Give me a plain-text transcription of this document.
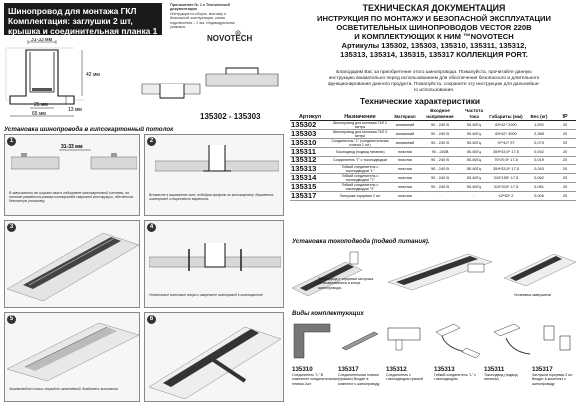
Шинопровод для монтажа ГКЛ
Комплектация: заглушки 2 шт,
крышка и соединительная планка 1 шт.
Приложение № 1 к Технической документации
Инструкция по сборке, монтажу и безопасной эксплуатации, схема подключения – 1 экз. Индивидуальная упаковка.
NOVOTECH
31-33 мм
42 мм
25 мм
13 мм
65 мм	135302 - 135303
Установка шинопровода в гипсокартонный потолок
1
31-33 мм
В зависимости от ширины паза в гибкормене гипсокартонной системы, на потолке разметить размер шинопровода сварочной конструкции, обеспечить безопасную установку.
2
Вставьте в вырезанное окно, подобрав профиль по гипсокартону. Выровнять шинопровод и тщательно закрепить.
3	4
Установите винтовые опоры и закрепите шинопровод в гипсокартоне.
5
Зашпаклюйте стыки, покройте шпатлёвкой, дождитесь высыхания.
6
ТЕХНИЧЕСКАЯ ДОКУМЕНТАЦИЯ
ИНСТРУКЦИЯ ПО МОНТАЖУ И БЕЗОПАСНОЙ ЭКСПЛУАТАЦИИ
ОСВЕТИТЕЛЬНЫХ ШИНОПРОВОДОВ VECTOR 220В
И КОМПЛЕКТУЮЩИХ К НИМ ™NOVOTECH
Артикулы 135302, 135303, 135310, 135311, 135312,
135313, 135314, 135315, 135317 КОЛЛЕКЦИЯ PORT.
Благодарим Вас за приобретение этого шинопровода. Пожалуйста, прочитайте данную
инструкцию внимательно перед использованием для обеспечения безопасного и длительного
функционирования данного продукта. Пожалуйста, сохраните эту инструкцию для дальнейше-
го использования.
Технические характеристики
Артикул	Назначение	Материал	Входное напряжение	Частота тока	Габариты (мм)	Вес (кг)	IP
135302	Шинопровод для монтажа ГКЛ 2 метра	алюминий	90 - 240 В	50-60Гц	65*42* 2000	1,592	20
135303	Шинопровод для монтажа ГКЛ 3 метра	алюминий	90 - 240 В	50-60Гц	65*42* 3000	2,388	20
135310	Соединитель "L" (соединительная планка 2 шт)	алюминий	90 - 240 В	50-60Гц	97*42* 97	0,073	20
135311	Токоподвод (подвод питания)	пластик	90 - 240В	50-60Гц	359*33,5* 17,5	0,042	20
135312	Соединитель "I" с токоподводом	пластик	90 - 240 В	50-60Гц	75*29,5* 17,5	0,019	20
135313	Гибкий соединитель с токоподводом "L"	пластик	90 - 240 В	50-60Гц	359*33,5* 17,5	0,043	20
135314	Гибкий соединитель с токоподводом "T"	пластик	90 - 240 В	50-60Гц	310*155* 17,5	0,062	20
135315	Гибкий соединитель с токоподводом "X"	пластик	90 - 240 В	50-60Гц	310*310* 17,5	0,081	20
135317	Заглушка торцевая 2 шт	пластик	-	-	42*30* 2	0,006	20
Установка токоподвода (подвод питания).
Токоподвод и торцевая заглушка устанавливаются в конце шинопровода.
Установка завершена!
Виды комплектующих
135310
Соединитель "L" В комплекте соединительная планка 2шт
135317
Соединительная планка (прямая) Входит в комплект к шинопроводу
135312
Соединитель с токоподводом прямой
135313
Гибкий соединитель "L" с токоподводом
135311
Токоподвод (подвод питания)
135317
Заглушка торцевая 2 шт Входит в комплект к шинопроводу
